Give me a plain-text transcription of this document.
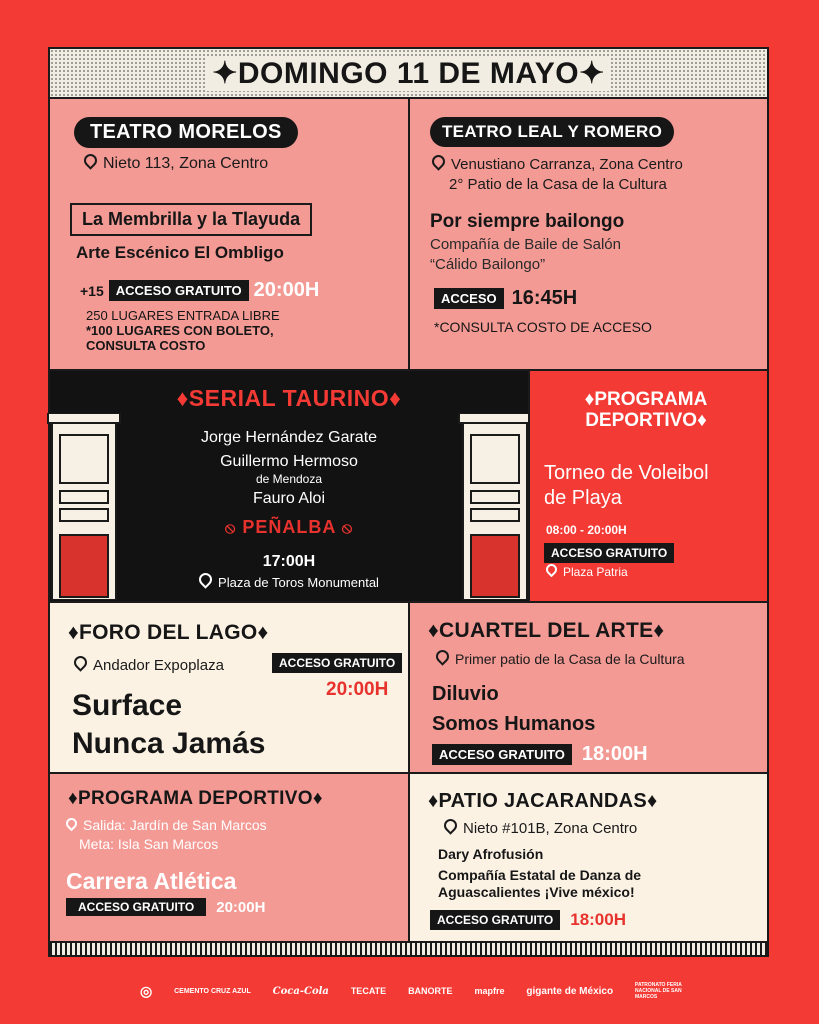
✦DOMINGO 11 DE MAYO✦
TEATRO MORELOS
Nieto 113, Zona Centro
La Membrilla y la Tlayuda
Arte Escénico El Ombligo
+15 ACCESO GRATUITO 20:00H
250 LUGARES ENTRADA LIBRE
*100 LUGARES CON BOLETO,
CONSULTA COSTO
TEATRO LEAL Y ROMERO
Venustiano Carranza, Zona Centro
2° Patio de la Casa de la Cultura
Por siempre bailongo
Compañía de Baile de Salón
“Cálido Bailongo”
ACCESO 16:45H
*CONSULTA COSTO DE ACCESO
♦SERIAL TAURINO♦
Jorge Hernández Garate
Guillermo Hermoso
de Mendoza
Fauro Aloi
⦸ PEÑALBA ⦸
17:00H
Plaza de Toros Monumental
♦PROGRAMA
DEPORTIVO♦
Torneo de Voleibol
de Playa
08:00 - 20:00H
ACCESO GRATUITO
Plaza Patria
♦FORO DEL LAGO♦
Andador Expoplaza	ACCESO GRATUITO
20:00H
Surface
Nunca Jamás
♦CUARTEL DEL ARTE♦
Primer patio de la Casa de la Cultura
Diluvio
Somos Humanos
ACCESO GRATUITO 18:00H
♦PROGRAMA DEPORTIVO♦
Salida: Jardín de San Marcos
Meta: Isla San Marcos
Carrera Atlética
ACCESO GRATUITO	20:00H
♦PATIO JACARANDAS♦
Nieto #101B, Zona Centro
Dary Afrofusión
Compañía Estatal de Danza de
Aguascalientes ¡Vive méxico!
ACCESO GRATUITO	18:00H
◎	CEMENTO CRUZ AZUL Coca-Cola TECATE BANORTE mapfre gigante de México
PATRONATO FERIA NACIONAL DE SAN MARCOS
